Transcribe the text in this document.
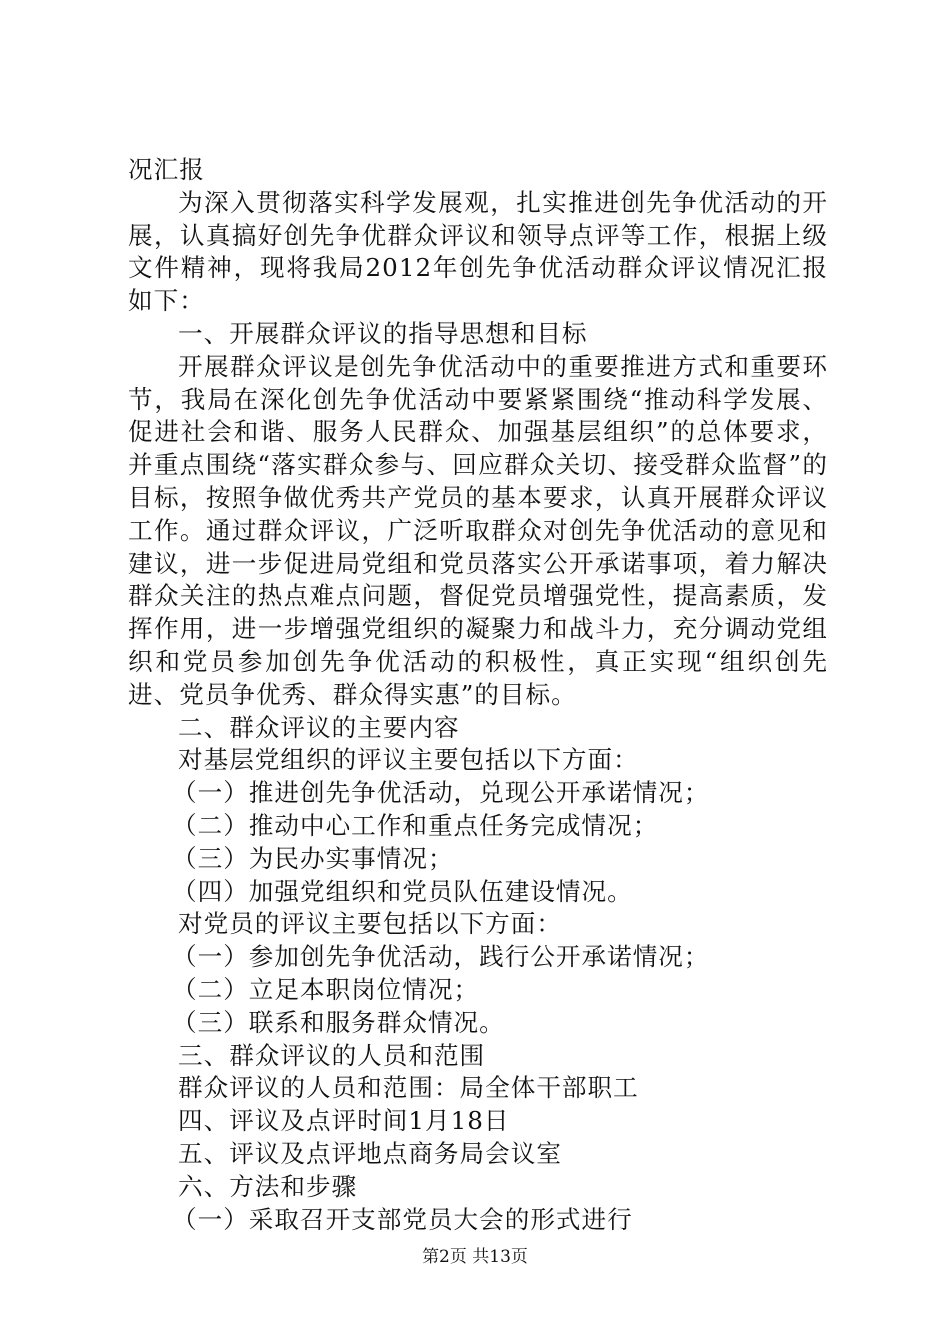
况汇报
为深入贯彻落实科学发展观，扎实推进创先争优活动的开展，认真搞好创先争优群众评议和领导点评等工作，根据上级文件精神，现将我局2012年创先争优活动群众评议情况汇报如下：
一、开展群众评议的指导思想和目标
开展群众评议是创先争优活动中的重要推进方式和重要环节，我局在深化创先争优活动中要紧紧围绕“推动科学发展、促进社会和谐、服务人民群众、加强基层组织”的总体要求，并重点围绕“落实群众参与、回应群众关切、接受群众监督”的目标，按照争做优秀共产党员的基本要求，认真开展群众评议工作。通过群众评议，广泛听取群众对创先争优活动的意见和建议，进一步促进局党组和党员落实公开承诺事项，着力解决群众关注的热点难点问题，督促党员增强党性，提高素质，发挥作用，进一步增强党组织的凝聚力和战斗力，充分调动党组织和党员参加创先争优活动的积极性，真正实现“组织创先进、党员争优秀、群众得实惠”的目标。
二、群众评议的主要内容
对基层党组织的评议主要包括以下方面：
（一）推进创先争优活动，兑现公开承诺情况；
（二）推动中心工作和重点任务完成情况；
（三）为民办实事情况；
（四）加强党组织和党员队伍建设情况。
对党员的评议主要包括以下方面：
（一）参加创先争优活动，践行公开承诺情况；
（二）立足本职岗位情况；
（三）联系和服务群众情况。
三、群众评议的人员和范围
群众评议的人员和范围：局全体干部职工
四、评议及点评时间1月18日
五、评议及点评地点商务局会议室
六、方法和步骤
（一）采取召开支部党员大会的形式进行
第2页 共13页
